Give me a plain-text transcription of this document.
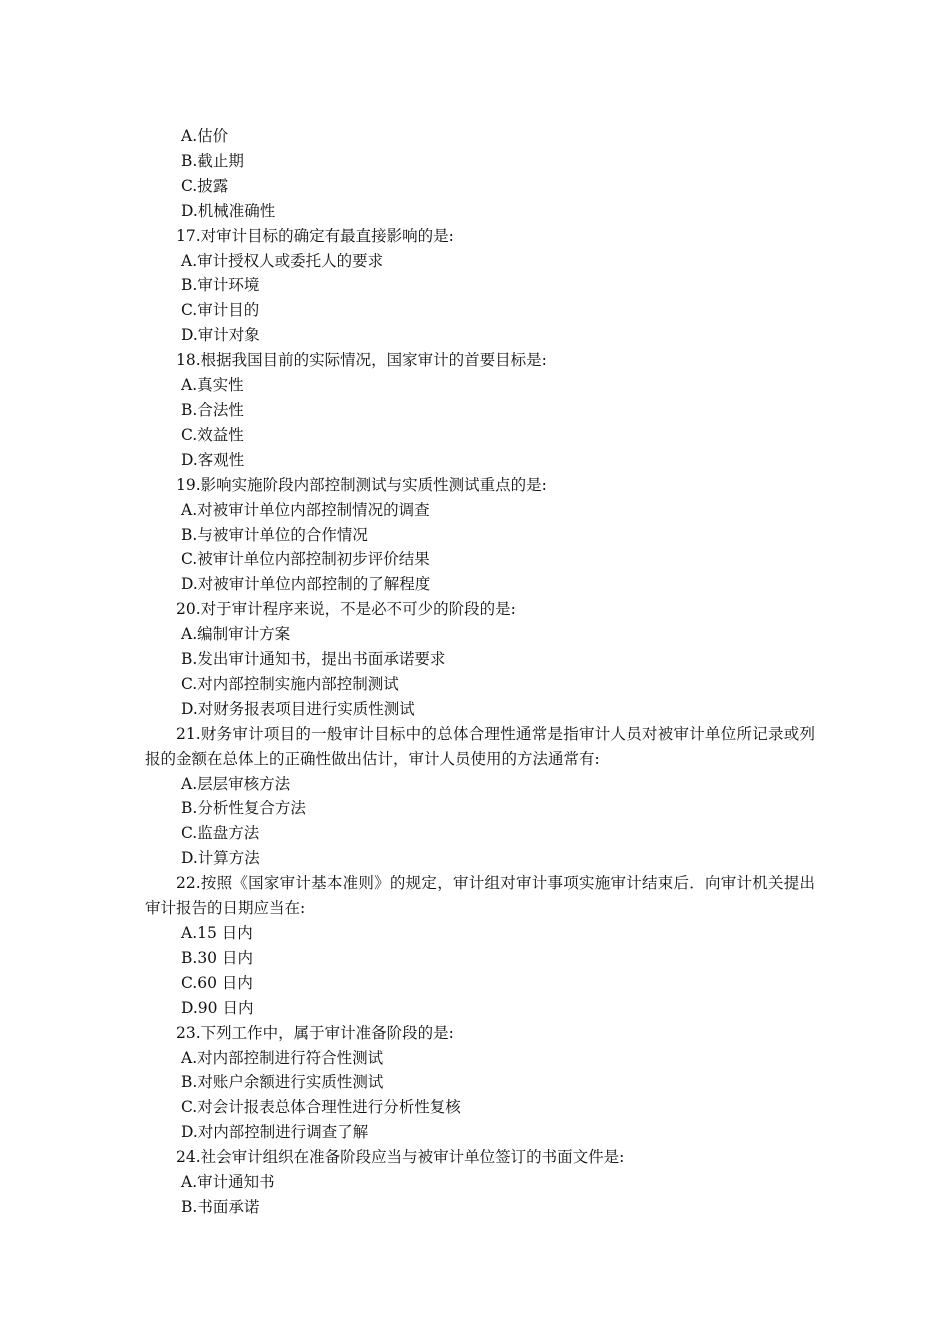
A.估价

B.截止期

C.披露

D.机械准确性

17.对审计目标的确定有最直接影响的是:

A.审计授权人或委托人的要求

B.审计环境

C.审计目的

D.审计对象

18.根据我国目前的实际情况，国家审计的首要目标是:

A.真实性

B.合法性

C.效益性

D.客观性

19.影响实施阶段内部控制测试与实质性测试重点的是:

A.对被审计单位内部控制情况的调查

B.与被审计单位的合作情况

C.被审计单位内部控制初步评价结果

D.对被审计单位内部控制的了解程度

20.对于审计程序来说，不是必不可少的阶段的是:

A.编制审计方案

B.发出审计通知书，提出书面承诺要求

C.对内部控制实施内部控制测试

D.对财务报表项目进行实质性测试

21.财务审计项目的一般审计目标中的总体合理性通常是指审计人员对被审计单位所记录或列报的金额在总体上的正确性做出估计，审计人员使用的方法通常有:

A.层层审核方法

B.分析性复合方法

C.监盘方法

D.计算方法

22.按照《国家审计基本准则》的规定，审计组对审计事项实施审计结束后．向审计机关提出审计报告的日期应当在:

A.15 日内

B.30 日内

C.60 日内

D.90 日内

23.下列工作中，属于审计准备阶段的是:

A.对内部控制进行符合性测试

B.对账户余额进行实质性测试

C.对会计报表总体合理性进行分析性复核

D.对内部控制进行调查了解

24.社会审计组织在准备阶段应当与被审计单位签订的书面文件是:

A.审计通知书

B.书面承诺
